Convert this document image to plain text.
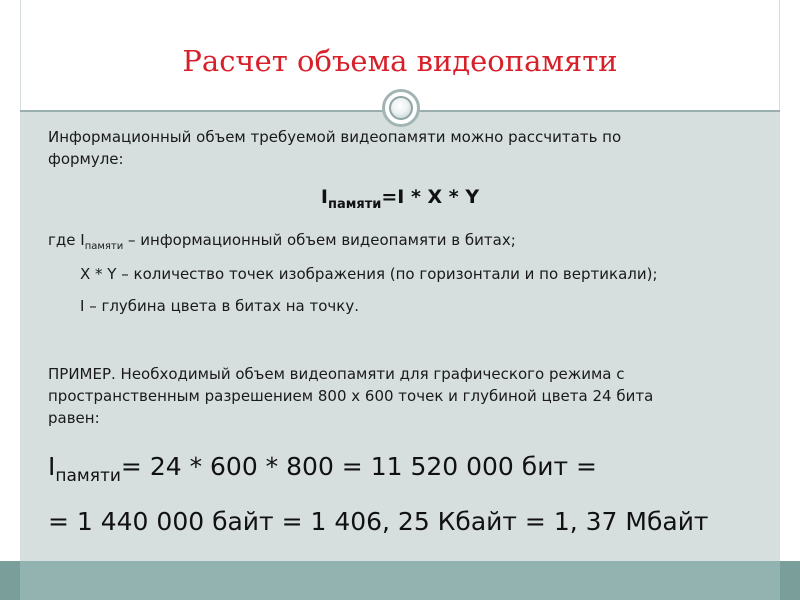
Расчет объема видеопамяти
Информационный объем требуемой видеопамяти можно рассчитать по
формуле:
$I_{памяти}=I * X * Y$
где $I_{памяти}$ – информационный объем видеопамяти в битах;
X * Y – количество точек изображения (по горизонтали и по вертикали);
I – глубина цвета в битах на точку.
ПРИМЕР. Необходимый объем видеопамяти для графического режима с
пространственным разрешением 800 х 600 точек и глубиной цвета 24 бита
равен:
$I_{памяти}= 24 * 600 * 800 = 11$ 520 000 бит =
= 1 440 000 байт = 1 406, 25 Кбайт = 1, 37 Мбайт
